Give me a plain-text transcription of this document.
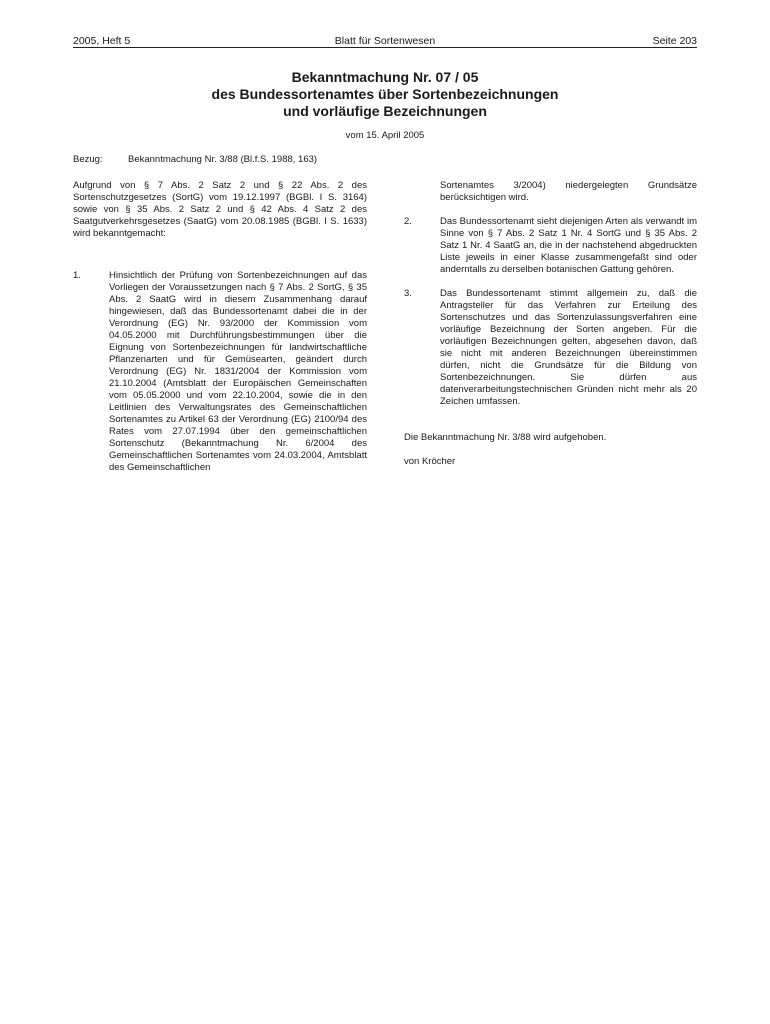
2005, Heft 5	Blatt für Sortenwesen	Seite 203
Bekanntmachung Nr. 07 / 05
des Bundessortenamtes über Sortenbezeichnungen
und vorläufige Bezeichnungen
vom 15. April 2005
Bezug:	Bekanntmachung Nr. 3/88 (Bl.f.S. 1988, 163)

Aufgrund von § 7 Abs. 2 Satz 2 und § 22 Abs. 2 des Sortenschutzgesetzes (SortG) vom 19.12.1997 (BGBl. I S. 3164) sowie von § 35 Abs. 2 Satz 2 und § 42 Abs. 4 Satz 2 des Saatgutverkehrsgesetzes (SaatG) vom 20.08.1985 (BGBl. I S. 1633) wird bekanntgemacht:

1.	Hinsichtlich der Prüfung von Sortenbezeichnungen auf das Vorliegen der Voraussetzungen nach § 7 Abs. 2 SortG, § 35 Abs. 2 SaatG wird in diesem Zusammenhang darauf hingewiesen, daß das Bundessortenamt dabei die in der Verordnung (EG) Nr. 93/2000 der Kommission vom 04.05.2000 mit Durchführungsbestimmungen über die Eignung von Sortenbezeichnungen für landwirtschaftliche Pflanzenarten und für Gemüsearten, geändert durch Verordnung (EG) Nr. 1831/2004 der Kommission vom 21.10.2004 (Amtsblatt der Europäischen Gemeinschaften vom 05.05.2000 und vom 22.10.2004, sowie die in den Leitlinien des Verwaltungsrates des Gemeinschaftlichen Sortenamtes zu Artikel 63 der Verordnung (EG) 2100/94 des Rates vom 27.07.1994 über den gemeinschaftlichen Sortenschutz (Bekanntmachung Nr. 6/2004 des Gemeinschaftlichen Sortenamtes vom 24.03.2004, Amtsblatt des Gemeinschaftlichen

Sortenamtes 3/2004) niedergelegten Grundsätze berücksichtigen wird.

2.	Das Bundessortenamt sieht diejenigen Arten als verwandt im Sinne von § 7 Abs. 2 Satz 1 Nr. 4 SortG und § 35 Abs. 2 Satz 1 Nr. 4 SaatG an, die in der nachstehend abgedruckten Liste jeweils in einer Klasse zusammengefaßt sind oder anderntalls zu derselben botanischen Gattung gehören.

3.	Das Bundessortenamt stimmt allgemein zu, daß die Antragsteller für das Verfahren zur Erteilung des Sortenschutzes und das Sortenzulassungsverfahren eine vorläufige Bezeichnung der Sorten angeben. Für die vorläufigen Bezeichnungen gelten, abgesehen davon, daß sie nicht mit anderen Bezeichnungen übereinstimmen dürfen, nicht die Grundsätze für die Bildung von Sortenbezeichnungen. Sie dürfen aus datenverarbeitungstechnischen Gründen nicht mehr als 20 Zeichen umfassen.

Die Bekanntmachung Nr. 3/88 wird aufgehoben.

von Kröcher
